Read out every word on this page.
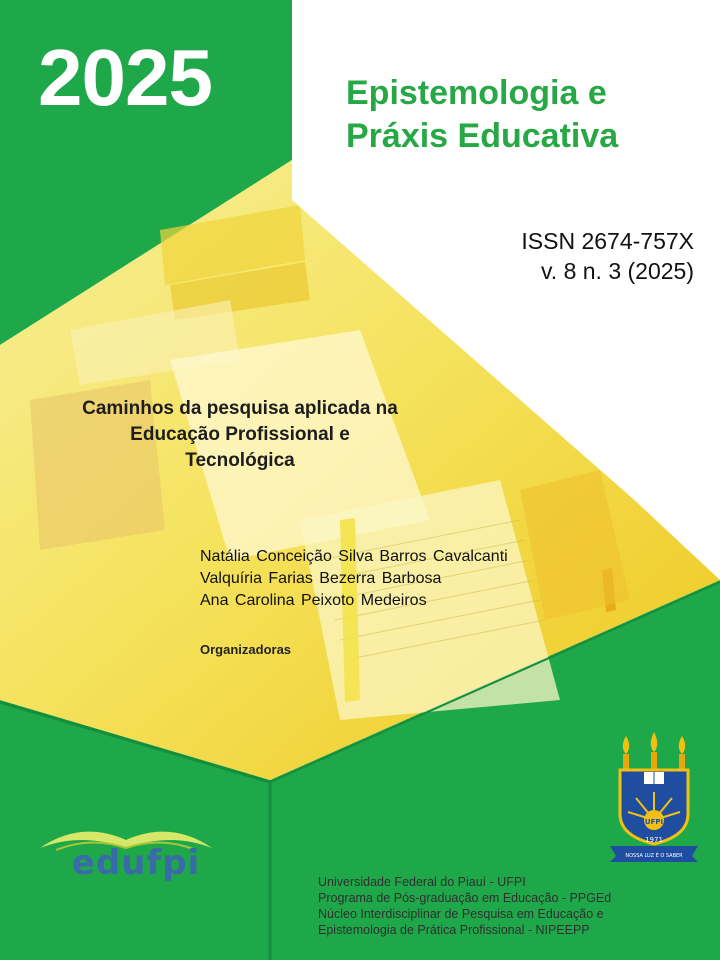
2025	Epistemologia e
Práxis Educativa

ISSN 2674-757X
v. 8 n. 3 (2025)

Caminhos da pesquisa aplicada na
Educação Profissional e
Tecnológica

Natália Conceição Silva Barros Cavalcanti
Valquíria Farias Bezerra Barbosa
Ana Carolina Peixoto Medeiros

Organizadoras

edufpi

UFPI
1971
NOSSA LUZ É O SABER

Universidade Federal do Piauí - UFPI
Programa de Pós-graduação em Educação - PPGEd
Núcleo Interdisciplinar de Pesquisa em Educação e
Epistemologia de Prática Profissional - NIPEEPP
